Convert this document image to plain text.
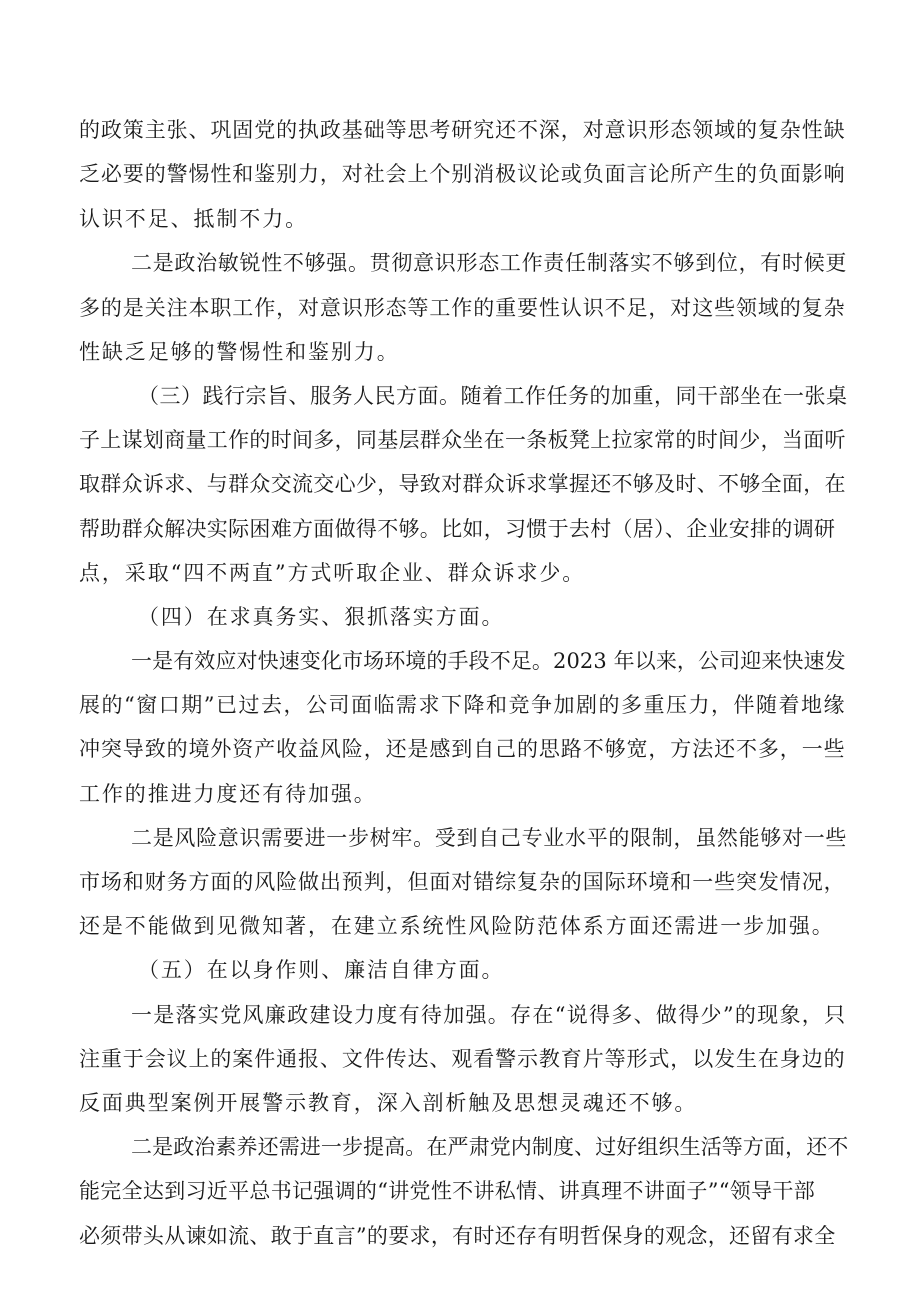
的政策主张、巩固党的执政基础等思考研究还不深，对意识形态领域的复杂性缺
乏必要的警惕性和鉴别力，对社会上个别消极议论或负面言论所产生的负面影响
认识不足、抵制不力。
二是政治敏锐性不够强。贯彻意识形态工作责任制落实不够到位，有时候更
多的是关注本职工作，对意识形态等工作的重要性认识不足，对这些领域的复杂
性缺乏足够的警惕性和鉴别力。
（三）践行宗旨、服务人民方面。随着工作任务的加重，同干部坐在一张桌
子上谋划商量工作的时间多，同基层群众坐在一条板凳上拉家常的时间少，当面听
取群众诉求、与群众交流交心少，导致对群众诉求掌握还不够及时、不够全面，在
帮助群众解决实际困难方面做得不够。比如，习惯于去村（居）、企业安排的调研
点，采取“四不两直”方式听取企业、群众诉求少。
（四）在求真务实、狠抓落实方面。
一是有效应对快速变化市场环境的手段不足。2023 年以来，公司迎来快速发
展的“窗口期”已过去，公司面临需求下降和竞争加剧的多重压力，伴随着地缘
冲突导致的境外资产收益风险，还是感到自己的思路不够宽，方法还不多，一些
工作的推进力度还有待加强。
二是风险意识需要进一步树牢。受到自己专业水平的限制，虽然能够对一些
市场和财务方面的风险做出预判，但面对错综复杂的国际环境和一些突发情况，
还是不能做到见微知著，在建立系统性风险防范体系方面还需进一步加强。
（五）在以身作则、廉洁自律方面。
一是落实党风廉政建设力度有待加强。存在“说得多、做得少”的现象，只
注重于会议上的案件通报、文件传达、观看警示教育片等形式，以发生在身边的
反面典型案例开展警示教育，深入剖析触及思想灵魂还不够。
二是政治素养还需进一步提高。在严肃党内制度、过好组织生活等方面，还不
能完全达到习近平总书记强调的“讲党性不讲私情、讲真理不讲面子”“领导干部
必须带头从谏如流、敢于直言”的要求，有时还存有明哲保身的观念，还留有求全
